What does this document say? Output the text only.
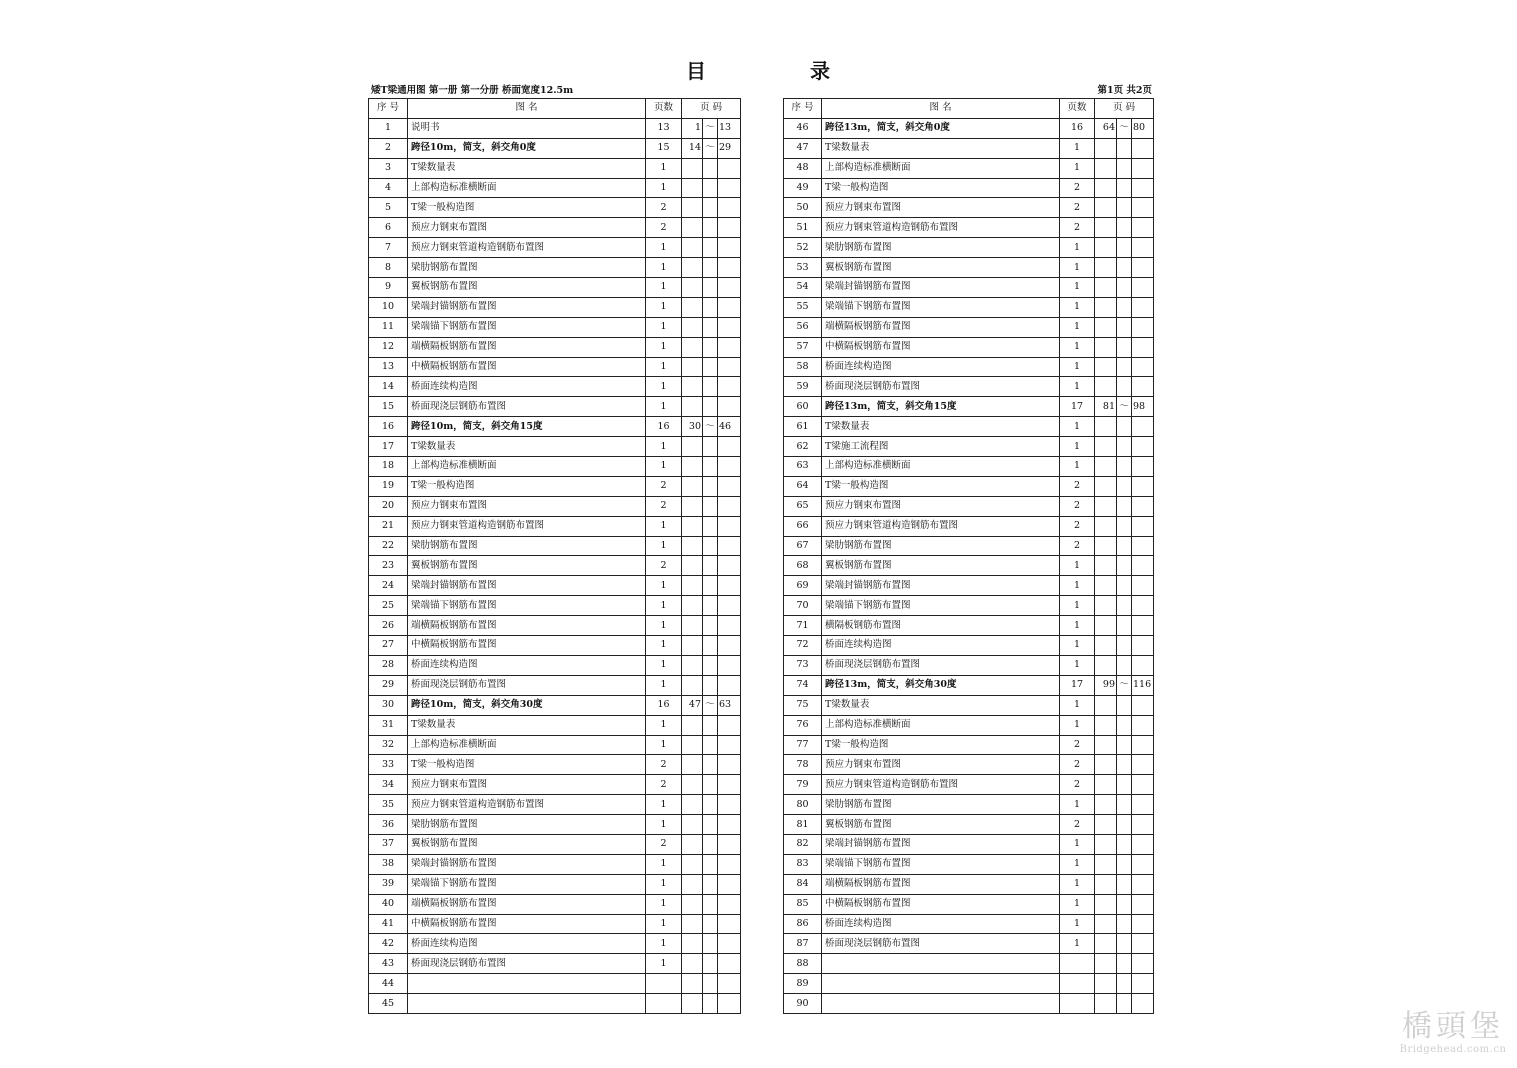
目	录
矮T梁通用图 第一册 第一分册 桥面宽度12.5m	第1页 共2页
序 号	图 名	页数	页 码		
1	说明书	13	1	～	13
2	跨径10m，简支，斜交角0度	15	14	～	29
3	T梁数量表	1			
4	上部构造标准横断面	1			
5	T梁一般构造图	2			
6	预应力钢束布置图	2			
7	预应力钢束管道构造钢筋布置图	1			
8	梁肋钢筋布置图	1			
9	翼板钢筋布置图	1			
10	梁端封锚钢筋布置图	1			
11	梁端锚下钢筋布置图	1			
12	端横隔板钢筋布置图	1			
13	中横隔板钢筋布置图	1			
14	桥面连续构造图	1			
15	桥面现浇层钢筋布置图	1			
16	跨径10m，简支，斜交角15度	16	30	～	46
17	T梁数量表	1			
18	上部构造标准横断面	1			
19	T梁一般构造图	2			
20	预应力钢束布置图	2			
21	预应力钢束管道构造钢筋布置图	1			
22	梁肋钢筋布置图	1			
23	翼板钢筋布置图	2			
24	梁端封锚钢筋布置图	1			
25	梁端锚下钢筋布置图	1			
26	端横隔板钢筋布置图	1			
27	中横隔板钢筋布置图	1			
28	桥面连续构造图	1			
29	桥面现浇层钢筋布置图	1			
30	跨径10m，简支，斜交角30度	16	47	～	63
31	T梁数量表	1			
32	上部构造标准横断面	1			
33	T梁一般构造图	2			
34	预应力钢束布置图	2			
35	预应力钢束管道构造钢筋布置图	1			
36	梁肋钢筋布置图	1			
37	翼板钢筋布置图	2			
38	梁端封锚钢筋布置图	1			
39	梁端锚下钢筋布置图	1			
40	端横隔板钢筋布置图	1			
41	中横隔板钢筋布置图	1			
42	桥面连续构造图	1			
43	桥面现浇层钢筋布置图	1			
44					
45					
序 号	图 名	页数	页 码		
46	跨径13m，简支，斜交角0度	16	64	～	80
47	T梁数量表	1			
48	上部构造标准横断面	1			
49	T梁一般构造图	2			
50	预应力钢束布置图	2			
51	预应力钢束管道构造钢筋布置图	2			
52	梁肋钢筋布置图	1			
53	翼板钢筋布置图	1			
54	梁端封锚钢筋布置图	1			
55	梁端锚下钢筋布置图	1			
56	端横隔板钢筋布置图	1			
57	中横隔板钢筋布置图	1			
58	桥面连续构造图	1			
59	桥面现浇层钢筋布置图	1			
60	跨径13m，简支，斜交角15度	17	81	～	98
61	T梁数量表	1			
62	T梁施工流程图	1			
63	上部构造标准横断面	1			
64	T梁一般构造图	2			
65	预应力钢束布置图	2			
66	预应力钢束管道构造钢筋布置图	2			
67	梁肋钢筋布置图	2			
68	翼板钢筋布置图	1			
69	梁端封锚钢筋布置图	1			
70	梁端锚下钢筋布置图	1			
71	横隔板钢筋布置图	1			
72	桥面连续构造图	1			
73	桥面现浇层钢筋布置图	1			
74	跨径13m，简支，斜交角30度	17	99	～	116
75	T梁数量表	1			
76	上部构造标准横断面	1			
77	T梁一般构造图	2			
78	预应力钢束布置图	2			
79	预应力钢束管道构造钢筋布置图	2			
80	梁肋钢筋布置图	1			
81	翼板钢筋布置图	2			
82	梁端封锚钢筋布置图	1			
83	梁端锚下钢筋布置图	1			
84	端横隔板钢筋布置图	1			
85	中横隔板钢筋布置图	1			
86	桥面连续构造图	1			
87	桥面现浇层钢筋布置图	1			
88					
89					
90					
橋頭堡
Bridgehead.com.cn
